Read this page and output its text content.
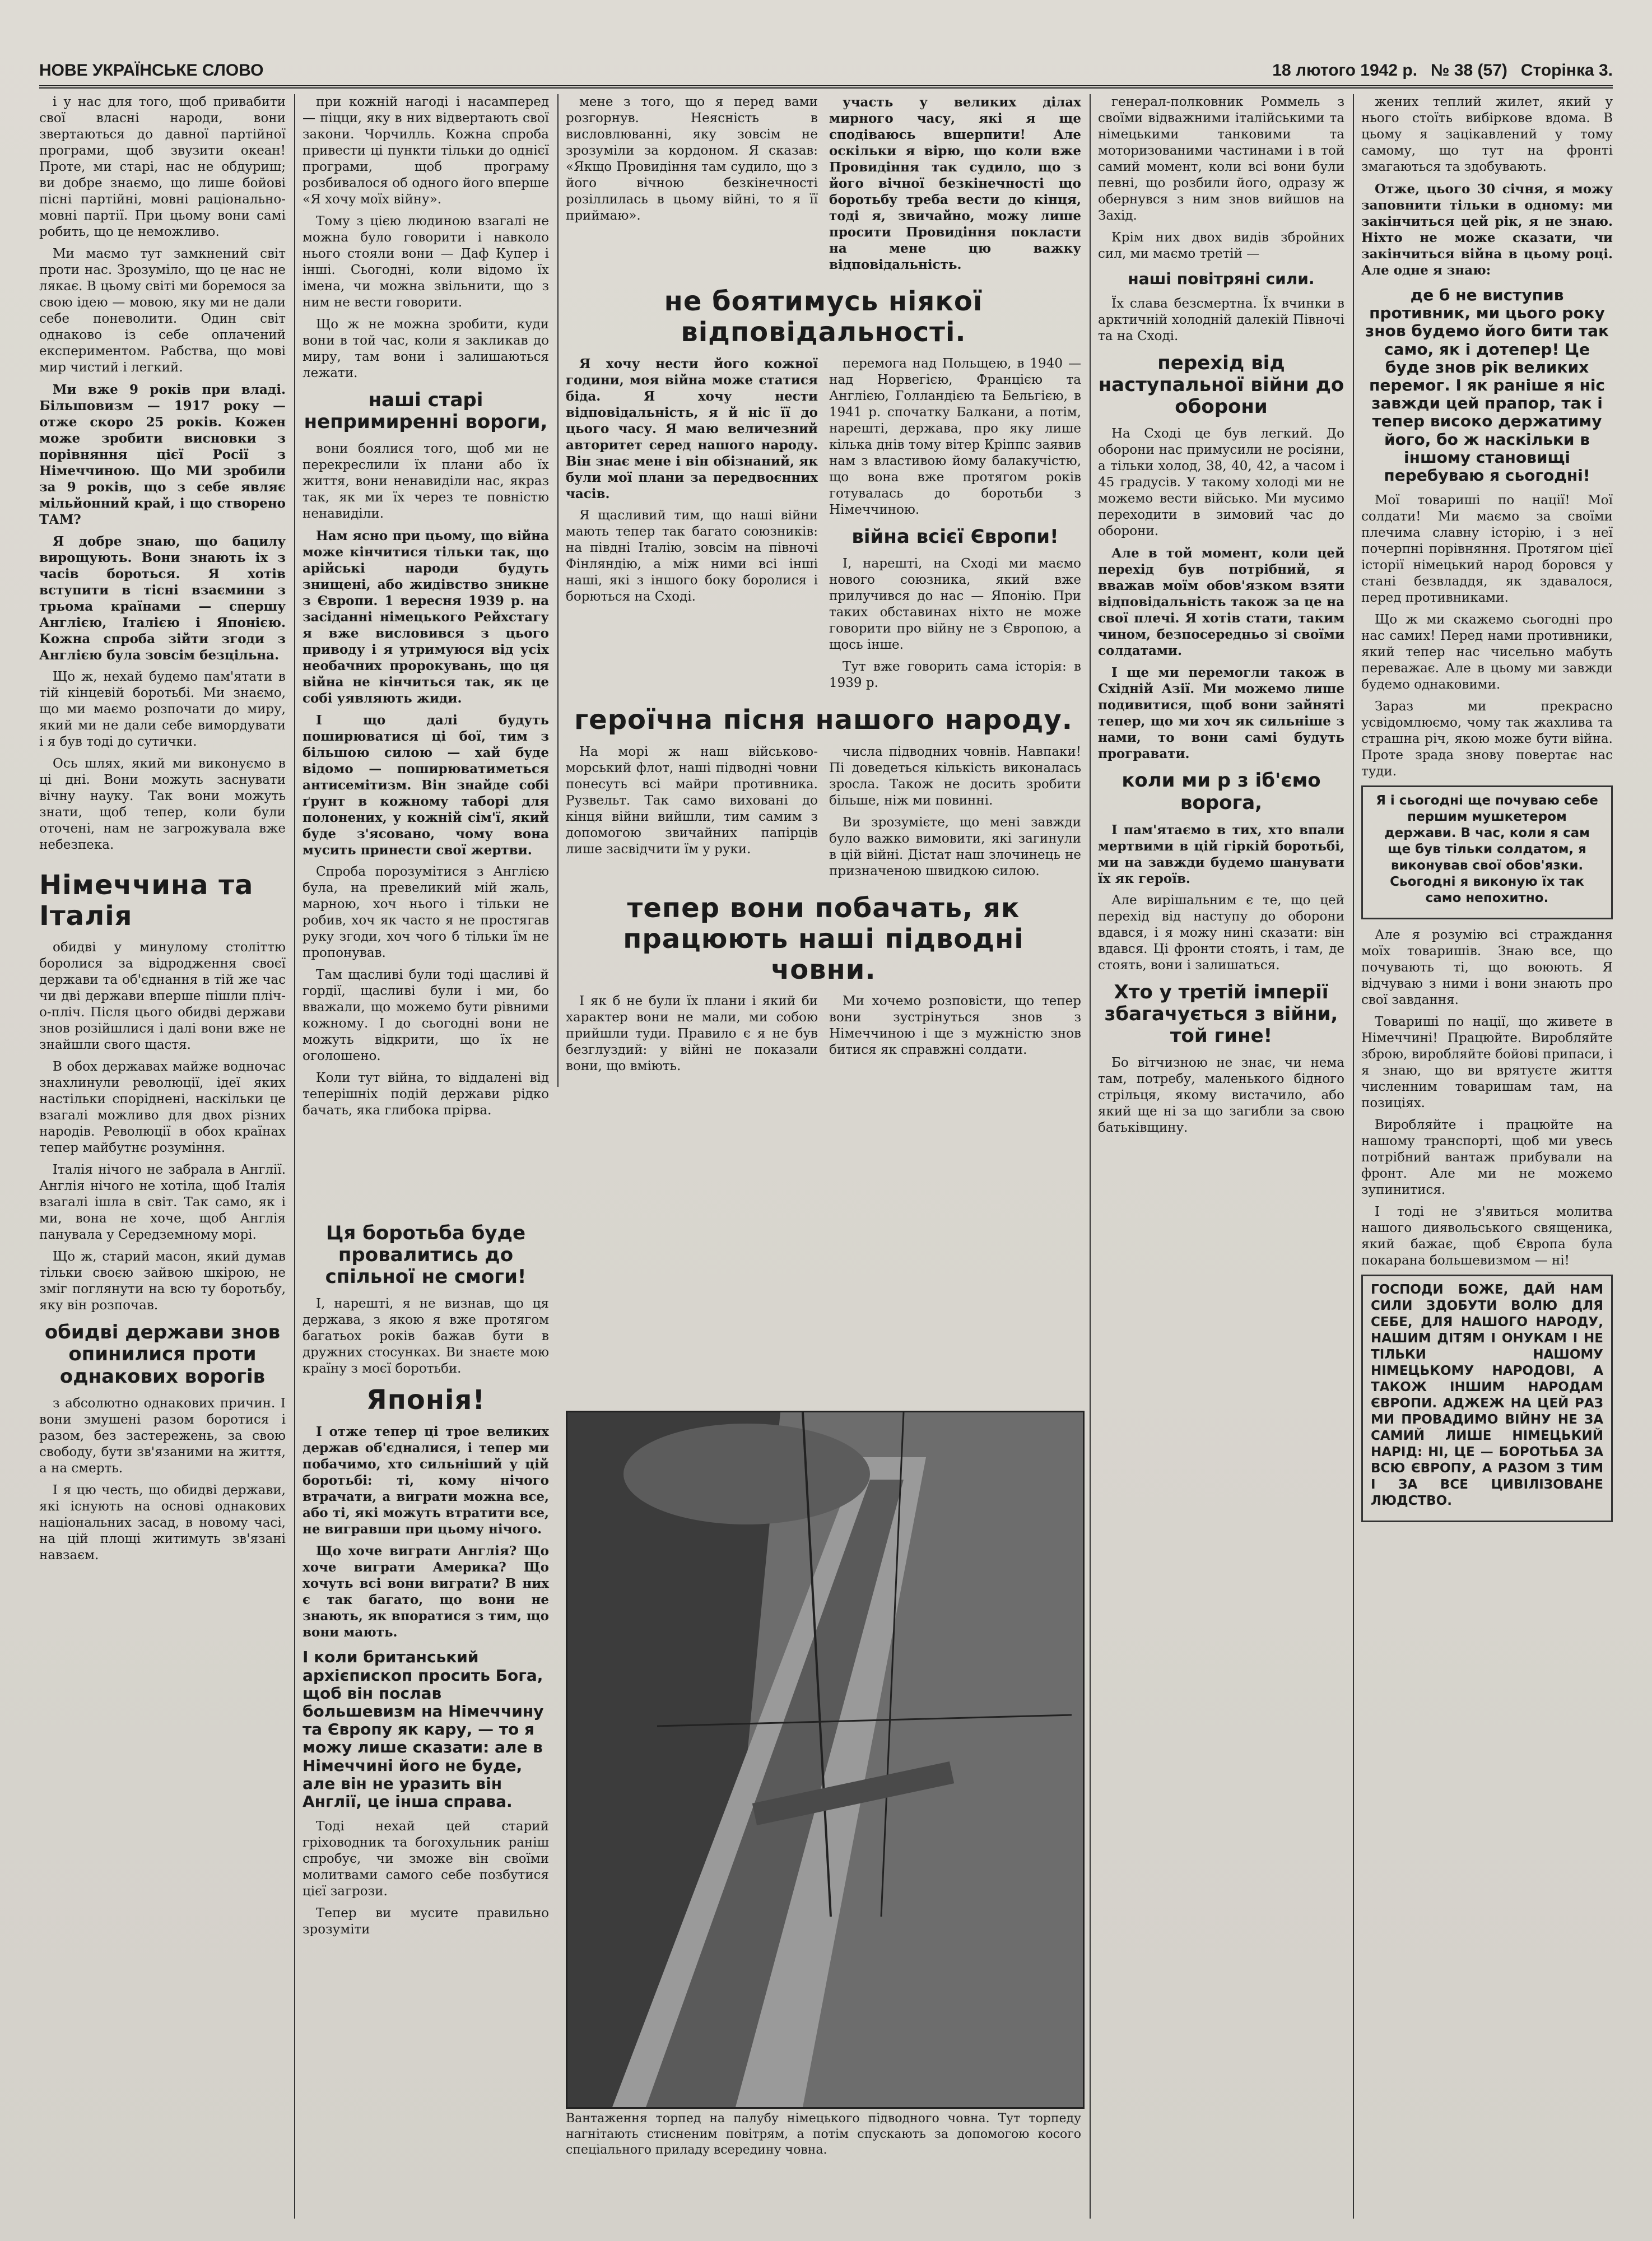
НОВЕ УКРАЇНСЬКЕ СЛОВО	18 лютого 1942 р. № 38 (57) Сторінка 3.

і у нас для того, щоб привабити свої власні народи, вони звертаються до давної партійної програми, щоб звузити океан! Проте, ми старі, нас не обдуриш; ви добре знаємо, що лише бойові пісні партійні, мовні раціонально-мовні партії. При цьому вони самі робить, що це неможливо.

Ми маємо тут замкнений світ проти нас. Зрозуміло, що це нас не лякає. В цьому світі ми боремося за свою ідею — мовою, яку ми не дали себе поневолити. Один світ однаково із себе оплачений експериментом. Рабства, що мові мир чистий і легкий.

Ми вже 9 років при владі. Більшовизм — 1917 року — отже скоро 25 років. Кожен може зробити висновки з порівняння цієї Росії з Німеччиною. Що МИ зробили за 9 років, що з себе являє мільйонний край, і що створено ТАМ?

Я добре знаю, що бацилу вирощують. Вони знають іх з часів бороться. Я хотів вступити в тісні взаємини з трьома країнами — спершу Англією, Італією і Японією. Кожна спроба зійти згоди з Англією була зовсім безцільна.

Що ж, нехай будемо пам'ятати в тій кінцевій боротьбі. Ми знаємо, що ми маємо розпочати до миру, який ми не дали себе вимордувати і я був тоді до сутички.

Ось шлях, який ми виконуємо в ці дні. Вони можуть заснувати вічну науку. Так вони можуть знати, щоб тепер, коли були оточені, нам не загрожувала вже небезпека.

Німеччина та Італія

обидві у минулому століттю боролися за відродження своєї держави та об'єднання в тій же час чи дві держави вперше пішли пліч-о-пліч. Після цього обидві держави знов розійшлися і далі вони вже не знайшли свого щастя.

В обох державах майже водночас знахлинули революції, ідеї яких настільки споріднені, наскільки це взагалі можливо для двох різних народів. Революції в обох країнах тепер майбутнє розуміння.

Італія нічого не забрала в Англії. Англія нічого не хотіла, щоб Італія взагалі ішла в світ. Так само, як і ми, вона не хоче, щоб Англія панувала у Середземному морі.

Що ж, старий масон, який думав тільки своєю зайвою шкірою, не зміг поглянути на всю ту боротьбу, яку він розпочав.

обидві держави знов опинилися проти однакових ворогів

з абсолютно однакових причин. І вони змушені разом боротися і разом, без застережень, за свою свободу, бути зв'язаними на життя, а на смерть.

І я цю честь, що обидві держави, які існують на основі однакових національних засад, в новому часі, на цій площі житимуть зв'язані навзаєм.

при кожній нагоді і насамперед — піцци, яку в них відвертають свої закони. Чорчилль. Кожна спроба привести ці пункти тільки до однієї програми, щоб програму розбивалося об одного його вперше «Я хочу моїх війну».

Тому з цією людиною взагалі не можна було говорити і навколо нього стояли вони — Даф Купер і інші. Сьогодні, коли відомо їх імена, чи можна звільнити, що з ним не вести говорити.

Що ж не можна зробити, куди вони в той час, коли я закликав до миру, там вони і залишаються лежати.

наші старі непримиренні вороги,

вони боялися того, щоб ми не перекреслили їх плани або їх життя, вони ненавиділи нас, якраз так, як ми їх через те повністю ненавиділи.

Нам ясно при цьому, що війна може кінчитися тільки так, що арійські народи будуть знищені, або жидівство зникне з Європи. 1 вересня 1939 р. на засіданні німецького Рейхстагу я вже висловився з цього приводу і я утримуюся від усіх необачних пророкувань, що ця війна не кінчиться так, як це собі уявляють жиди.

І що далі будуть поширюватися ці бої, тим з більшою силою — хай буде відомо — поширюватиметься антисемітизм. Він знайде собі ґрунт в кожному таборі для полонених, у кожній сім'ї, який буде з'ясовано, чому вона мусить принести свої жертви.

Спроба порозумітися з Англією була, на превеликий мій жаль, марною, хоч нього і тільки не робив, хоч як часто я не простягав руку згоди, хоч чого б тільки їм не пропонував.

Там щасливі були тоді щасливі й гордії, щасливі були і ми, бо вважали, що можемо бути рівними кожному. І до сьогодні вони не можуть відкрити, що їх не оголошено.

Коли тут війна, то віддалені від теперішніх подій держави рідко бачать, яка глибока прірва.

мене з того, що я перед вами розгорнув. Неясність в висловлюванні, яку зовсім не зрозуміли за кордоном. Я сказав: «Якщо Провидіння там судило, що з його вічною безкінечності розіллилась в цьому війні, то я її приймаю».

участь у великих ділах мирного часу, які я ще сподіваюсь вшерпити! Але оскільки я вірю, що коли вже Провидіння так судило, що з його вічної безкінечності що боротьбу треба вести до кінця, тоді я, звичайно, можу лише просити Провидіння покласти на мене цю важку відповідальність.

не боятимусь ніякої відповідальності.

Я хочу нести його кожної години, моя війна може статися біда. Я хочу нести відповідальність, я й ніс її до цього часу. Я маю величезний авторитет серед нашого народу. Він знає мене і він обізнаний, як були мої плани за передвоєнних часів.

Я щасливий тим, що наші війни мають тепер так багато союзників: на півдні Італію, зовсім на півночі Фінляндію, а між ними всі інші наші, які з іншого боку боролися і борються на Сході.

перемога над Польщею, в 1940 — над Норвегією, Францією та Англією, Голландією та Бельгією, в 1941 р. спочатку Балкани, а потім, нарешті, держава, про яку лише кілька днів тому вітер Кріппс заявив нам з властивою йому балакучістю, що вона вже протягом років готувалась до боротьби з Німеччиною.

війна всієї Європи!

І, нарешті, на Сході ми маємо нового союзника, який вже прилучився до нас — Японію. При таких обставинах ніхто не може говорити про війну не з Європою, а щось інше.

Тут вже говорить сама історія: в 1939 р.

героїчна пісня нашого народу.

На морі ж наш військово-морський флот, наші підводні човни понесуть всі майри противника. Рузвельт. Так само виховані до кінця війни вийшли, тим самим з допомогою звичайних папірців лише засвідчити їм у руки.

числа підводних човнів. Навпаки! Пі доведеться кількість виконалась зросла. Також не досить зробити більше, ніж ми повинні.

Ви зрозумієте, що мені завжди було важко вимовити, які загинули в цій війні. Дістат наш злочинець не призначеною швидкою силою.

тепер вони побачать, як працюють наші підводні човни.

І як б не були їх плани і який би характер вони не мали, ми собою прийшли туди. Правило є я не був безглуздий: у війні не показали вони, що вміють.

Ми хочемо розповісти, що тепер вони зустрінуться знов з Німеччиною і ще з мужністю знов битися як справжні солдати.

Ця боротьба буде провалитись до спільної не смоги!

І, нарешті, я не визнав, що ця держава, з якою я вже протягом багатьох років бажав бути в дружних стосунках. Ви знаєте мою країну з моєї боротьби.

Японія!

І отже тепер ці трое великих держав об'єдналися, і тепер ми побачимо, хто сильніший у цій боротьбі: ті, кому нічого втрачати, а виграти можна все, або ті, які можуть втратити все, не вигравши при цьому нічого.

Що хоче виграти Англія? Що хоче виграти Америка? Що хочуть всі вони виграти? В них є так багато, що вони не знають, як впоратися з тим, що вони мають.

І коли британський архієпископ просить Бога, щоб він послав большевизм на Німеччину та Європу як кару, — то я можу лише сказати: але в Німеччині його не буде, але він не уразить він Англії, це інша справа.

Тоді нехай цей старий гріховодник та богохульник раніш спробує, чи зможе він своїми молитвами самого себе позбутися цієї загрози.

Тепер ви мусите правильно зрозуміти

Вантаження торпед на палубу німецького підводного човна. Тут торпеду нагнітають стисненим повітрям, а потім спускають за допомогою косого спеціального приладу всередину човна.

генерал-полковник Роммель з своїми відважними італійськими та німецькими танковими та моторизованими частинами і в той самий момент, коли всі вони були певні, що розбили його, одразу ж обернувся з ним знов вийшов на Захід.

Крім них двох видів збройних сил, ми маємо третій —

наші повітряні сили.

Їх слава безсмертна. Їх вчинки в арктичній холодній далекій Півночі та на Сході.

перехід від наступальної війни до оборони

На Сході це був легкий. До оборони нас примусили не росіяни, а тільки холод, 38, 40, 42, а часом і 45 градусів. У такому холоді ми не можемо вести військо. Ми мусимо переходити в зимовий час до оборони.

Але в той момент, коли цей перехід був потрібний, я вважав моїм обов'язком взяти відповідальність також за це на свої плечі. Я хотів стати, таким чином, безпосередньо зі своїми солдатами.

І ще ми перемогли також в Східній Азії. Ми можемо лише подивитися, щоб вони зайняті тепер, що ми хоч як сильніше з нами, то вони самі будуть програвати.

коли ми р з іб'ємо ворога,

І пам'ятаємо в тих, хто впали мертвими в цій гіркій боротьбі, ми на завжди будемо шанувати їх як героїв.

Але вирішальним є те, що цей перехід від наступу до оборони вдався, і я можу нині сказати: він вдався. Ці фронти стоять, і там, де стоять, вони і залишаться.

Хто у третій імперії збагачується з війни, той гине!

Бо вітчизною не знає, чи нема там, потребу, маленького бідного стрільця, якому вистачило, або який ще ні за що загибли за свою батьківщину.

жених теплий жилет, який у нього стоїть вибіркове вдома. В цьому я зацікавлений у тому самому, що тут на фронті змагаються та здобувають.

Отже, цього 30 січня, я можу заповнити тільки в одному: ми закінчиться цей рік, я не знаю. Ніхто не може сказати, чи закінчиться війна в цьому році. Але одне я знаю:

де б не виступив противник, ми цього року знов будемо його бити так само, як і дотепер! Це буде знов рік великих перемог. І як раніше я ніс завжди цей прапор, так і тепер високо держатиму його, бо ж наскільки в іншому становищі перебуваю я сьогодні!

Мої товариші по нації! Мої солдати! Ми маємо за своїми плечима славну історію, і з неї почерпні порівняння. Протягом цієї історії німецький народ боровся у стані безвладдя, як здавалося, перед противниками.

Що ж ми скажемо сьогодні про нас самих! Перед нами противники, який тепер нас чисельно мабуть переважає. Але в цьому ми завжди будемо однаковими.

Зараз ми прекрасно усвідомлюємо, чому так жахлива та страшна річ, якою може бути війна. Проте зрада знову повертає нас туди.

Я і сьогодні ще почуваю себе першим мушкетером держави. В час, коли я сам ще був тільки солдатом, я виконував свої обов'язки. Сьогодні я виконую їх так само непохитно.

Але я розумію всі страждання моїх товаришів. Знаю все, що почувають ті, що воюють. Я відчуваю з ними і вони знають про свої завдання.

Товариші по нації, що живете в Німеччині! Працюйте. Виробляйте зброю, виробляйте бойові припаси, і я знаю, що ви врятуєте життя численним товаришам там, на позиціях.

Виробляйте і працюйте на нашому транспорті, щоб ми увесь потрібний вантаж прибували на фронт. Але ми не можемо зупинитися.

І тоді не з'явиться молитва нашого диявольського священика, який бажає, щоб Європа була покарана большевизмом — ні!

ГОСПОДИ БОЖЕ, ДАЙ НАМ СИЛИ ЗДОБУТИ ВОЛЮ ДЛЯ СЕБЕ, ДЛЯ НАШОГО НАРОДУ, НАШИМ ДІТЯМ І ОНУКАМ І НЕ ТІЛЬКИ НАШОМУ НІМЕЦЬКОМУ НАРОДОВІ, А ТАКОЖ ІНШИМ НАРОДАМ ЄВРОПИ. АДЖЕЖ НА ЦЕЙ РАЗ МИ ПРОВАДИМО ВІЙНУ НЕ ЗА САМИЙ ЛИШЕ НІМЕЦЬКИЙ НАРІД: НІ, ЦЕ — БОРОТЬБА ЗА ВСЮ ЄВРОПУ, А РАЗОМ З ТИМ І ЗА ВСЕ ЦИВІЛІЗОВАНЕ ЛЮДСТВО.
